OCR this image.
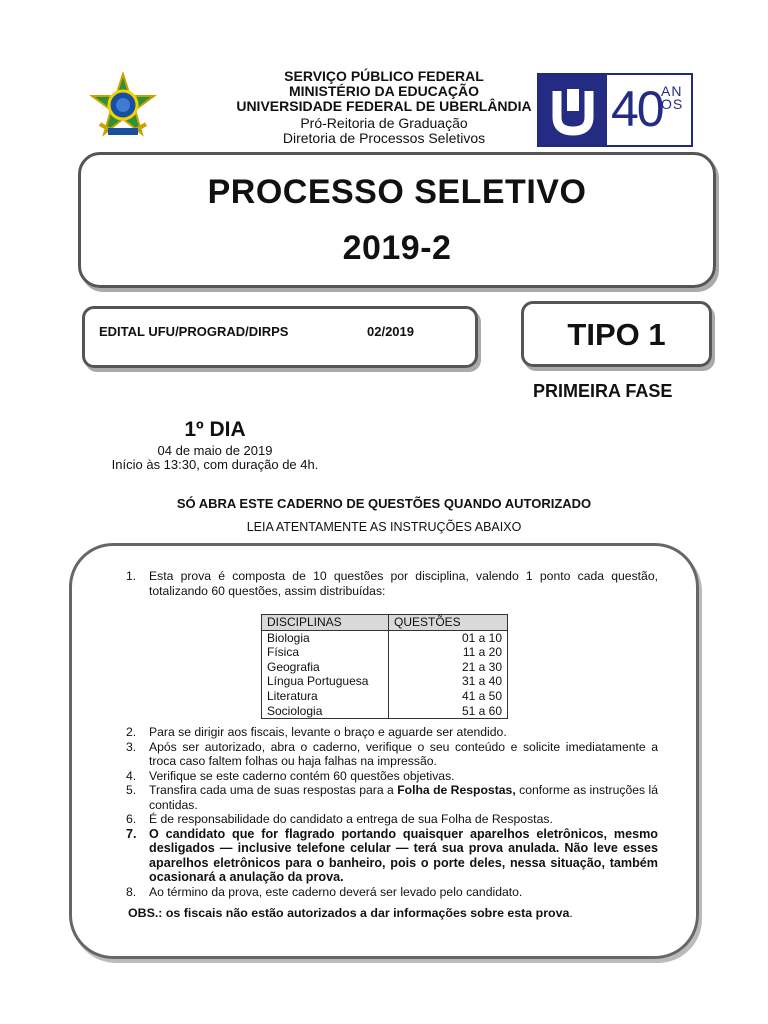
SERVIÇO PÚBLICO FEDERAL
MINISTÉRIO DA EDUCAÇÃO
UNIVERSIDADE FEDERAL DE UBERLÂNDIA
Pró-Reitoria de Graduação
Diretoria de Processos Seletivos
40
ANOS
PROCESSO SELETIVO
2019-2
EDITAL UFU/PROGRAD/DIRPS	02/2019	TIPO 1
PRIMEIRA FASE
1º DIA
04 de maio de 2019
Início às 13:30, com duração de 4h.
SÓ ABRA ESTE CADERNO DE QUESTÕES QUANDO AUTORIZADO
LEIA ATENTAMENTE AS INSTRUÇÕES ABAIXO
1. Esta prova é composta de 10 questões por disciplina, valendo 1 ponto cada questão, totalizando 60 questões, assim distribuídas:
DISCIPLINAS	QUESTÕES
Biologia	01 a 10
Física	11 a 20
Geografia	21 a 30
Língua Portuguesa	31 a 40
Literatura	41 a 50
Sociologia	51 a 60
2. Para se dirigir aos fiscais, levante o braço e aguarde ser atendido.
3. Após ser autorizado, abra o caderno, verifique o seu conteúdo e solicite imediatamente a troca caso faltem folhas ou haja falhas na impressão.
4. Verifique se este caderno contém 60 questões objetivas.
5. Transfira cada uma de suas respostas para a Folha de Respostas, conforme as instruções lá contidas.
6. É de responsabilidade do candidato a entrega de sua Folha de Respostas.
7. O candidato que for flagrado portando quaisquer aparelhos eletrônicos, mesmo desligados — inclusive telefone celular — terá sua prova anulada. Não leve esses aparelhos eletrônicos para o banheiro, pois o porte deles, nessa situação, também ocasionará a anulação da prova.
8. Ao término da prova, este caderno deverá ser levado pelo candidato.
OBS.: os fiscais não estão autorizados a dar informações sobre esta prova.
